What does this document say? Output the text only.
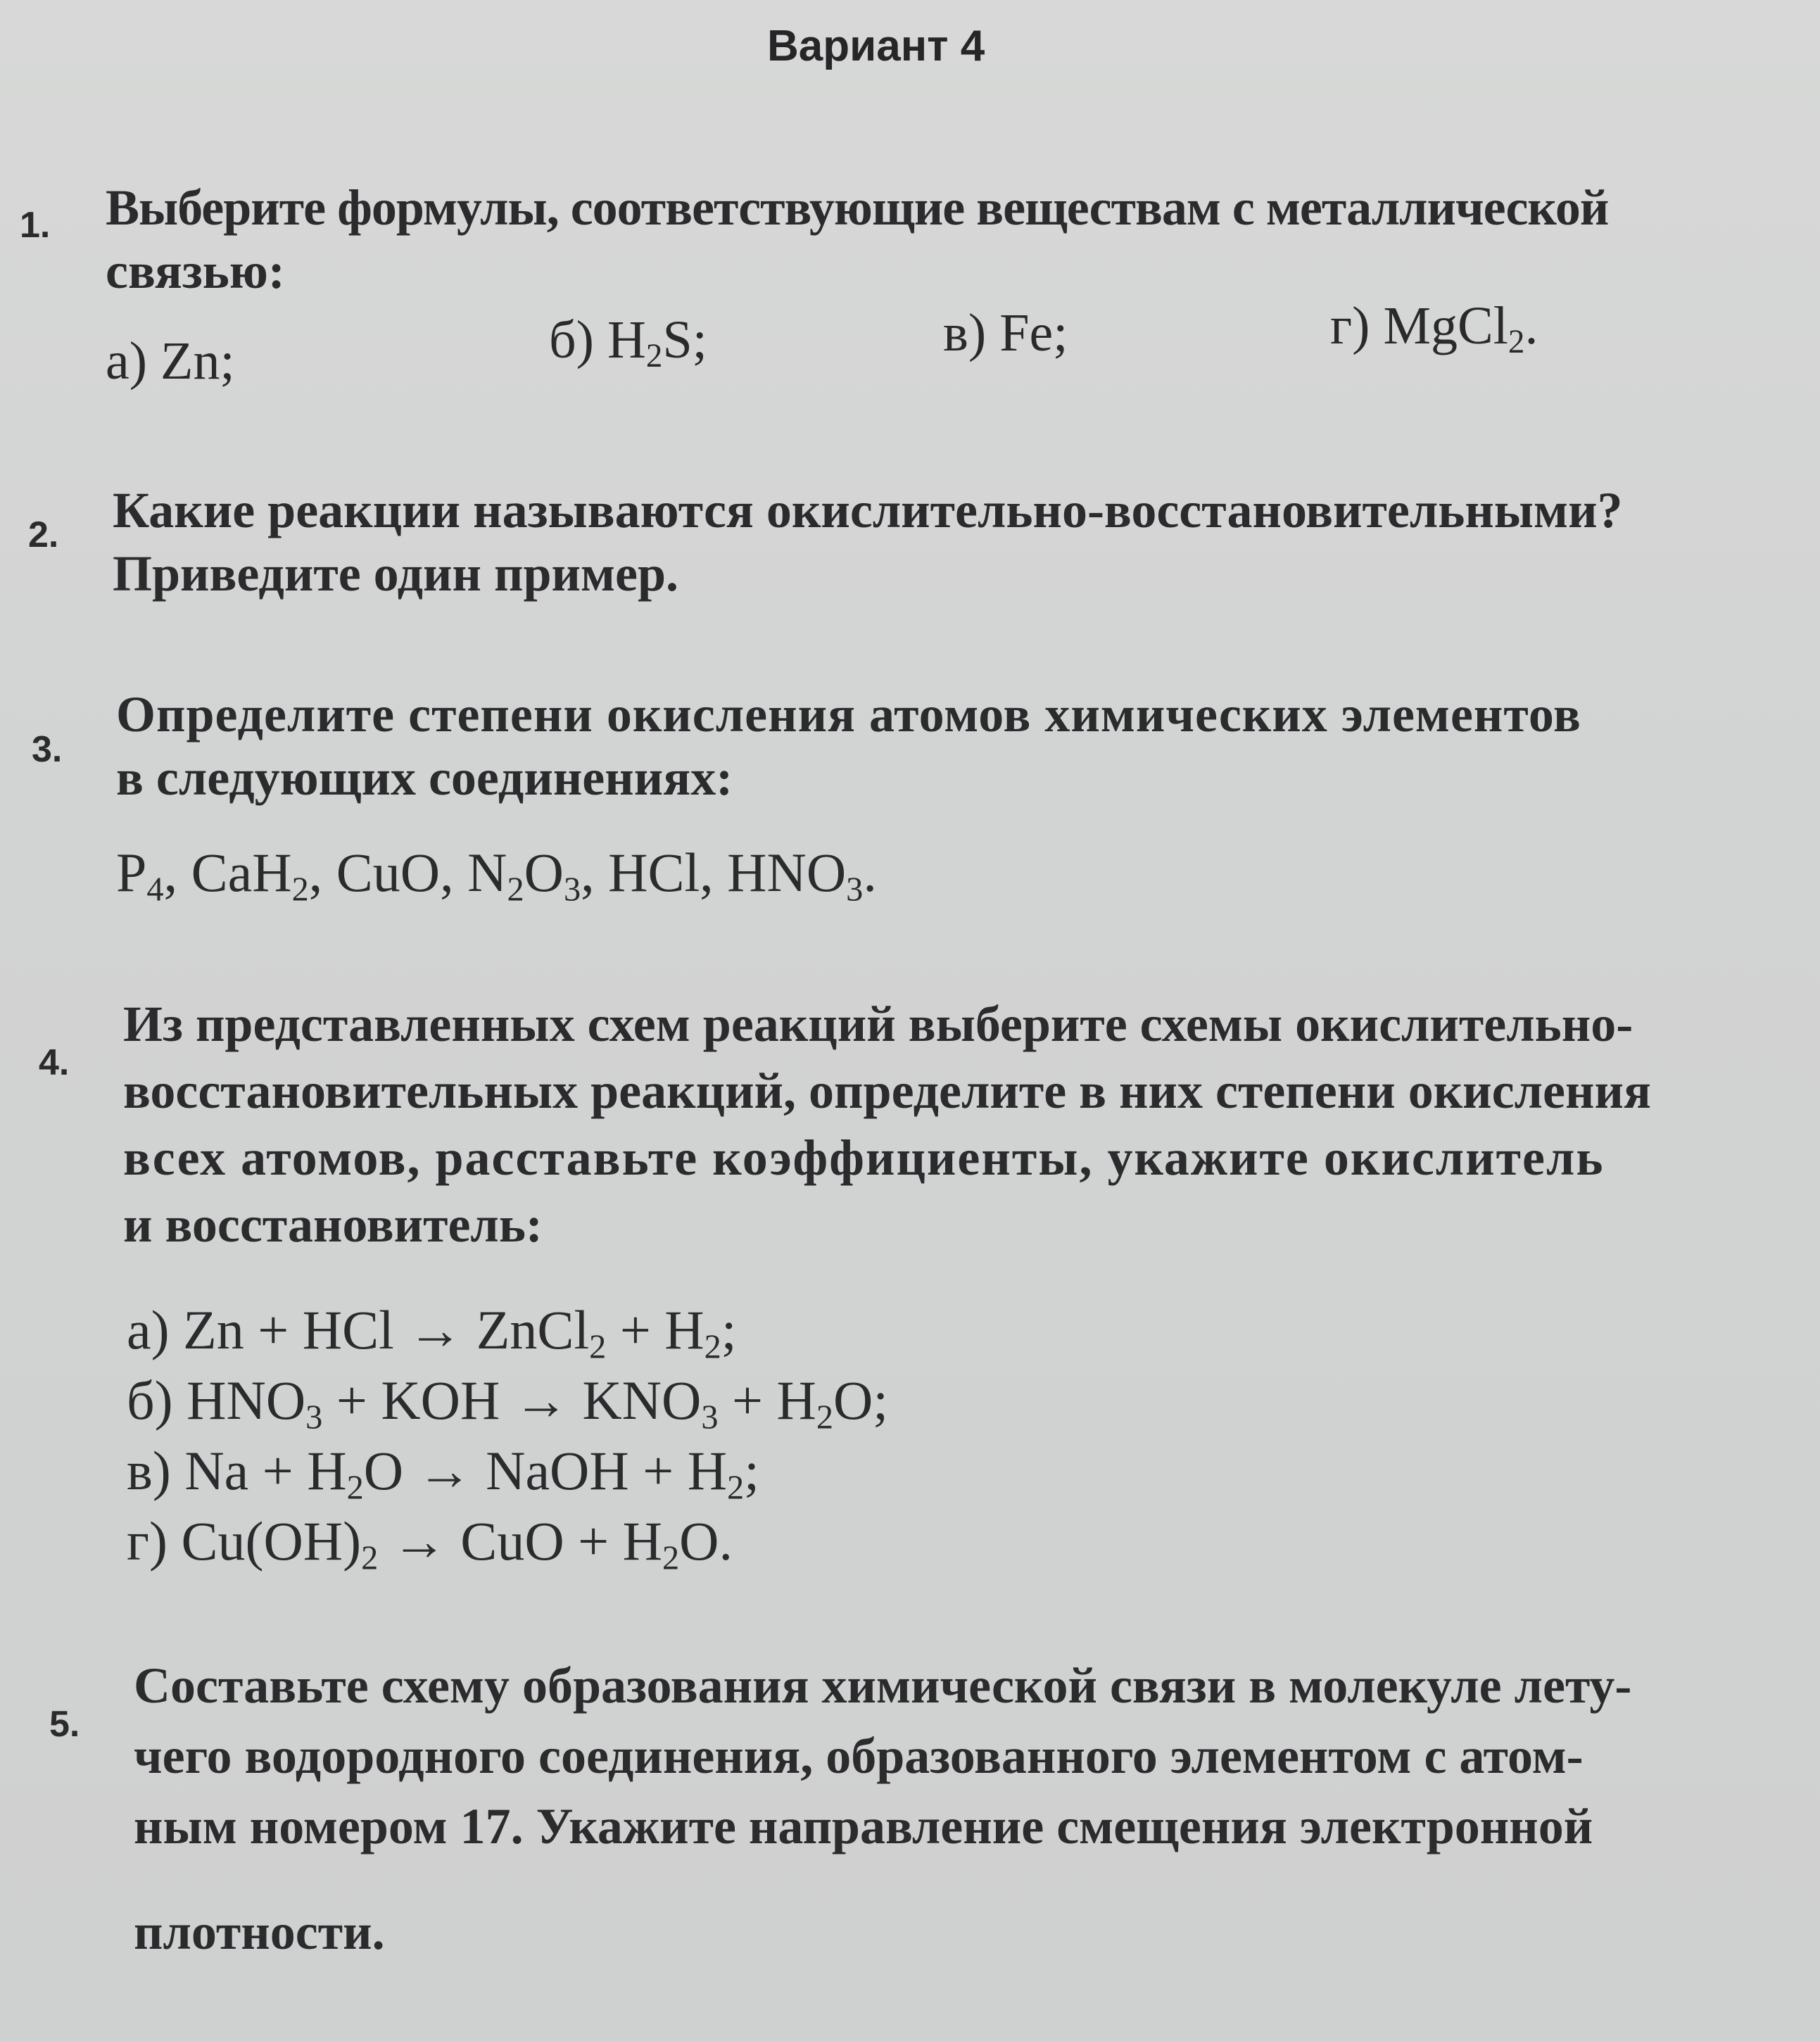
Вариант 4
1. Выберите формулы, соответствующие веществам с металлической
связью:
а) Zn;	б) $H_2S$;	в) Fe;	г) MgCl$_2$.
2. Какие реакции называются окислительно-восстановительными?
Приведите один пример.
3.
Определите степени окисления атомов химических элементов
в следующих соединениях:
$P_4$, CaH$_2$, CuO, $N_2O_3$, HCl, $HNO_3$.
4.
Из представленных схем реакций выберите схемы окислительно-
восстановительных реакций, определите в них степени окисления
всех атомов, расставьте коэффициенты, укажите окислитель
и восстановитель:
а) Zn + HCl → ZnCl$_2$ + $H_2$;
б) $HNO_3$ + KOH → $KNO_3 + H_2O$;
в) $Na + H_2O$ → NaOH + $H_2$;
г) $Cu(OH)_2$ → CuO + $H_2O$.
5.
Составьте схему образования химической связи в молекуле лету-
чего водородного соединения, образованного элементом с атом-
ным номером 17. Укажите направление смещения электронной
плотности.
